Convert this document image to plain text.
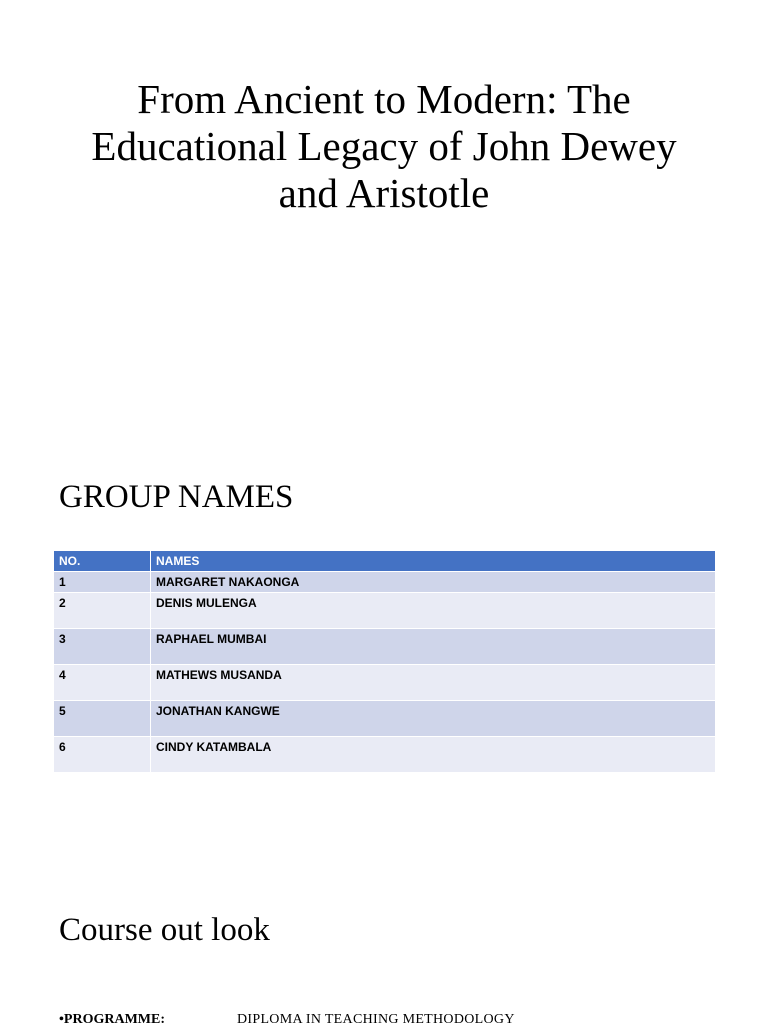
From Ancient to Modern: The Educational Legacy of John Dewey and Aristotle
GROUP NAMES
NO.	NAMES
1	MARGARET NAKAONGA
2	DENIS MULENGA
3	RAPHAEL MUMBAI
4	MATHEWS MUSANDA
5	JONATHAN KANGWE
6	CINDY KATAMBALA
Course out look
•PROGRAMME:	DIPLOMA IN TEACHING METHODOLOGY
